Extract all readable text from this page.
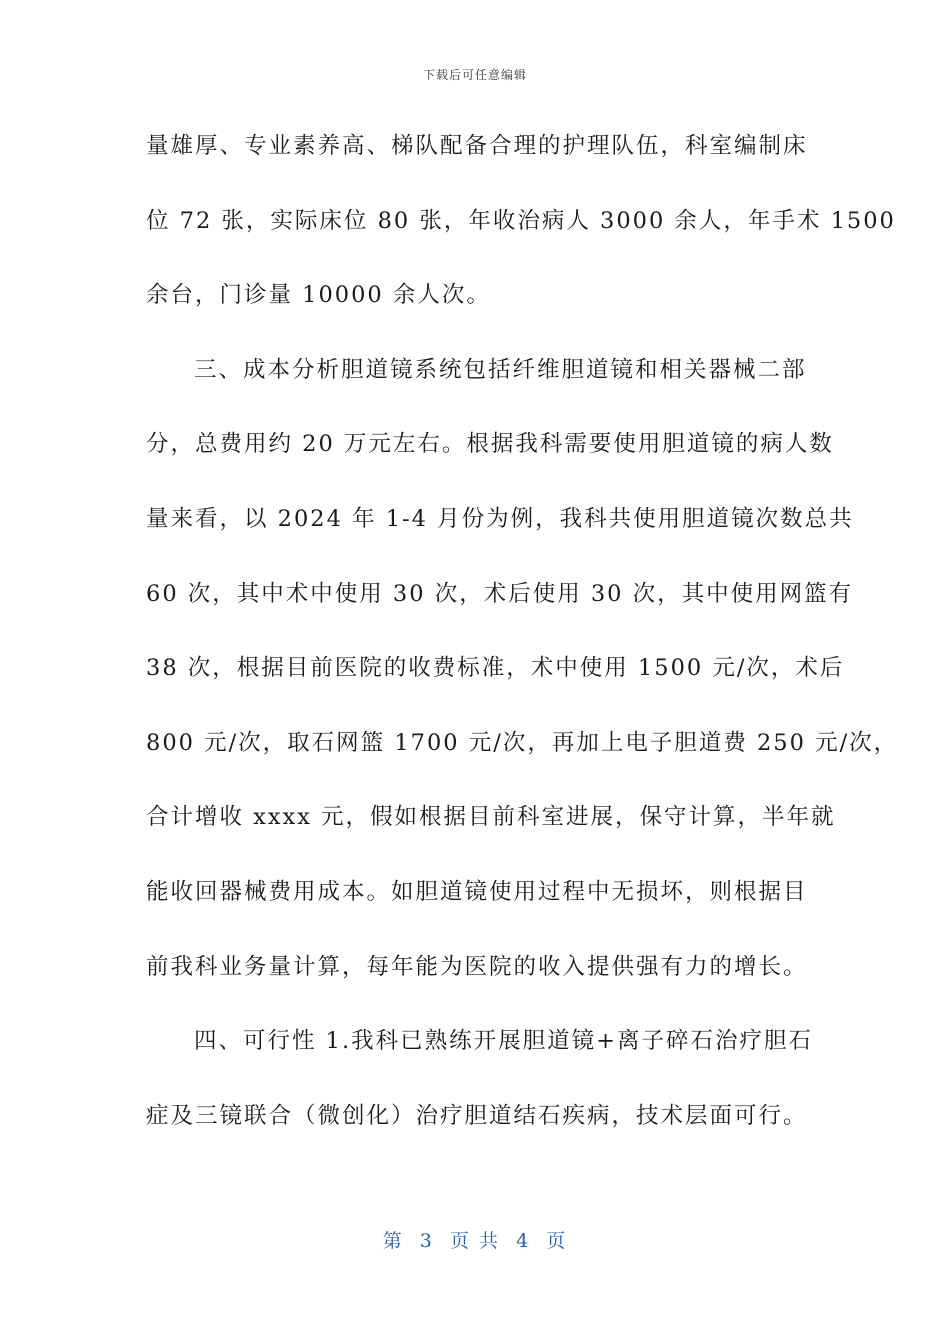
下载后可任意编辑
量雄厚、专业素养高、梯队配备合理的护理队伍，科室编制床
位 72 张，实际床位 80 张，年收治病人 3000 余人，年手术 1500
余台，门诊量 10000 余人次。
三、成本分析胆道镜系统包括纤维胆道镜和相关器械二部
分，总费用约 20 万元左右。根据我科需要使用胆道镜的病人数
量来看，以 2024 年 1-4 月份为例，我科共使用胆道镜次数总共
60 次，其中术中使用 30 次，术后使用 30 次，其中使用网篮有
38 次，根据目前医院的收费标准，术中使用 1500 元/次，术后
800 元/次，取石网篮 1700 元/次，再加上电子胆道费 250 元/次，
合计增收 xxxx 元，假如根据目前科室进展，保守计算，半年就
能收回器械费用成本。如胆道镜使用过程中无损坏，则根据目
前我科业务量计算，每年能为医院的收入提供强有力的增长。
四、可行性 1.我科已熟练开展胆道镜+离子碎石治疗胆石
症及三镜联合（微创化）治疗胆道结石疾病，技术层面可行。
第  3  页 共  4  页
